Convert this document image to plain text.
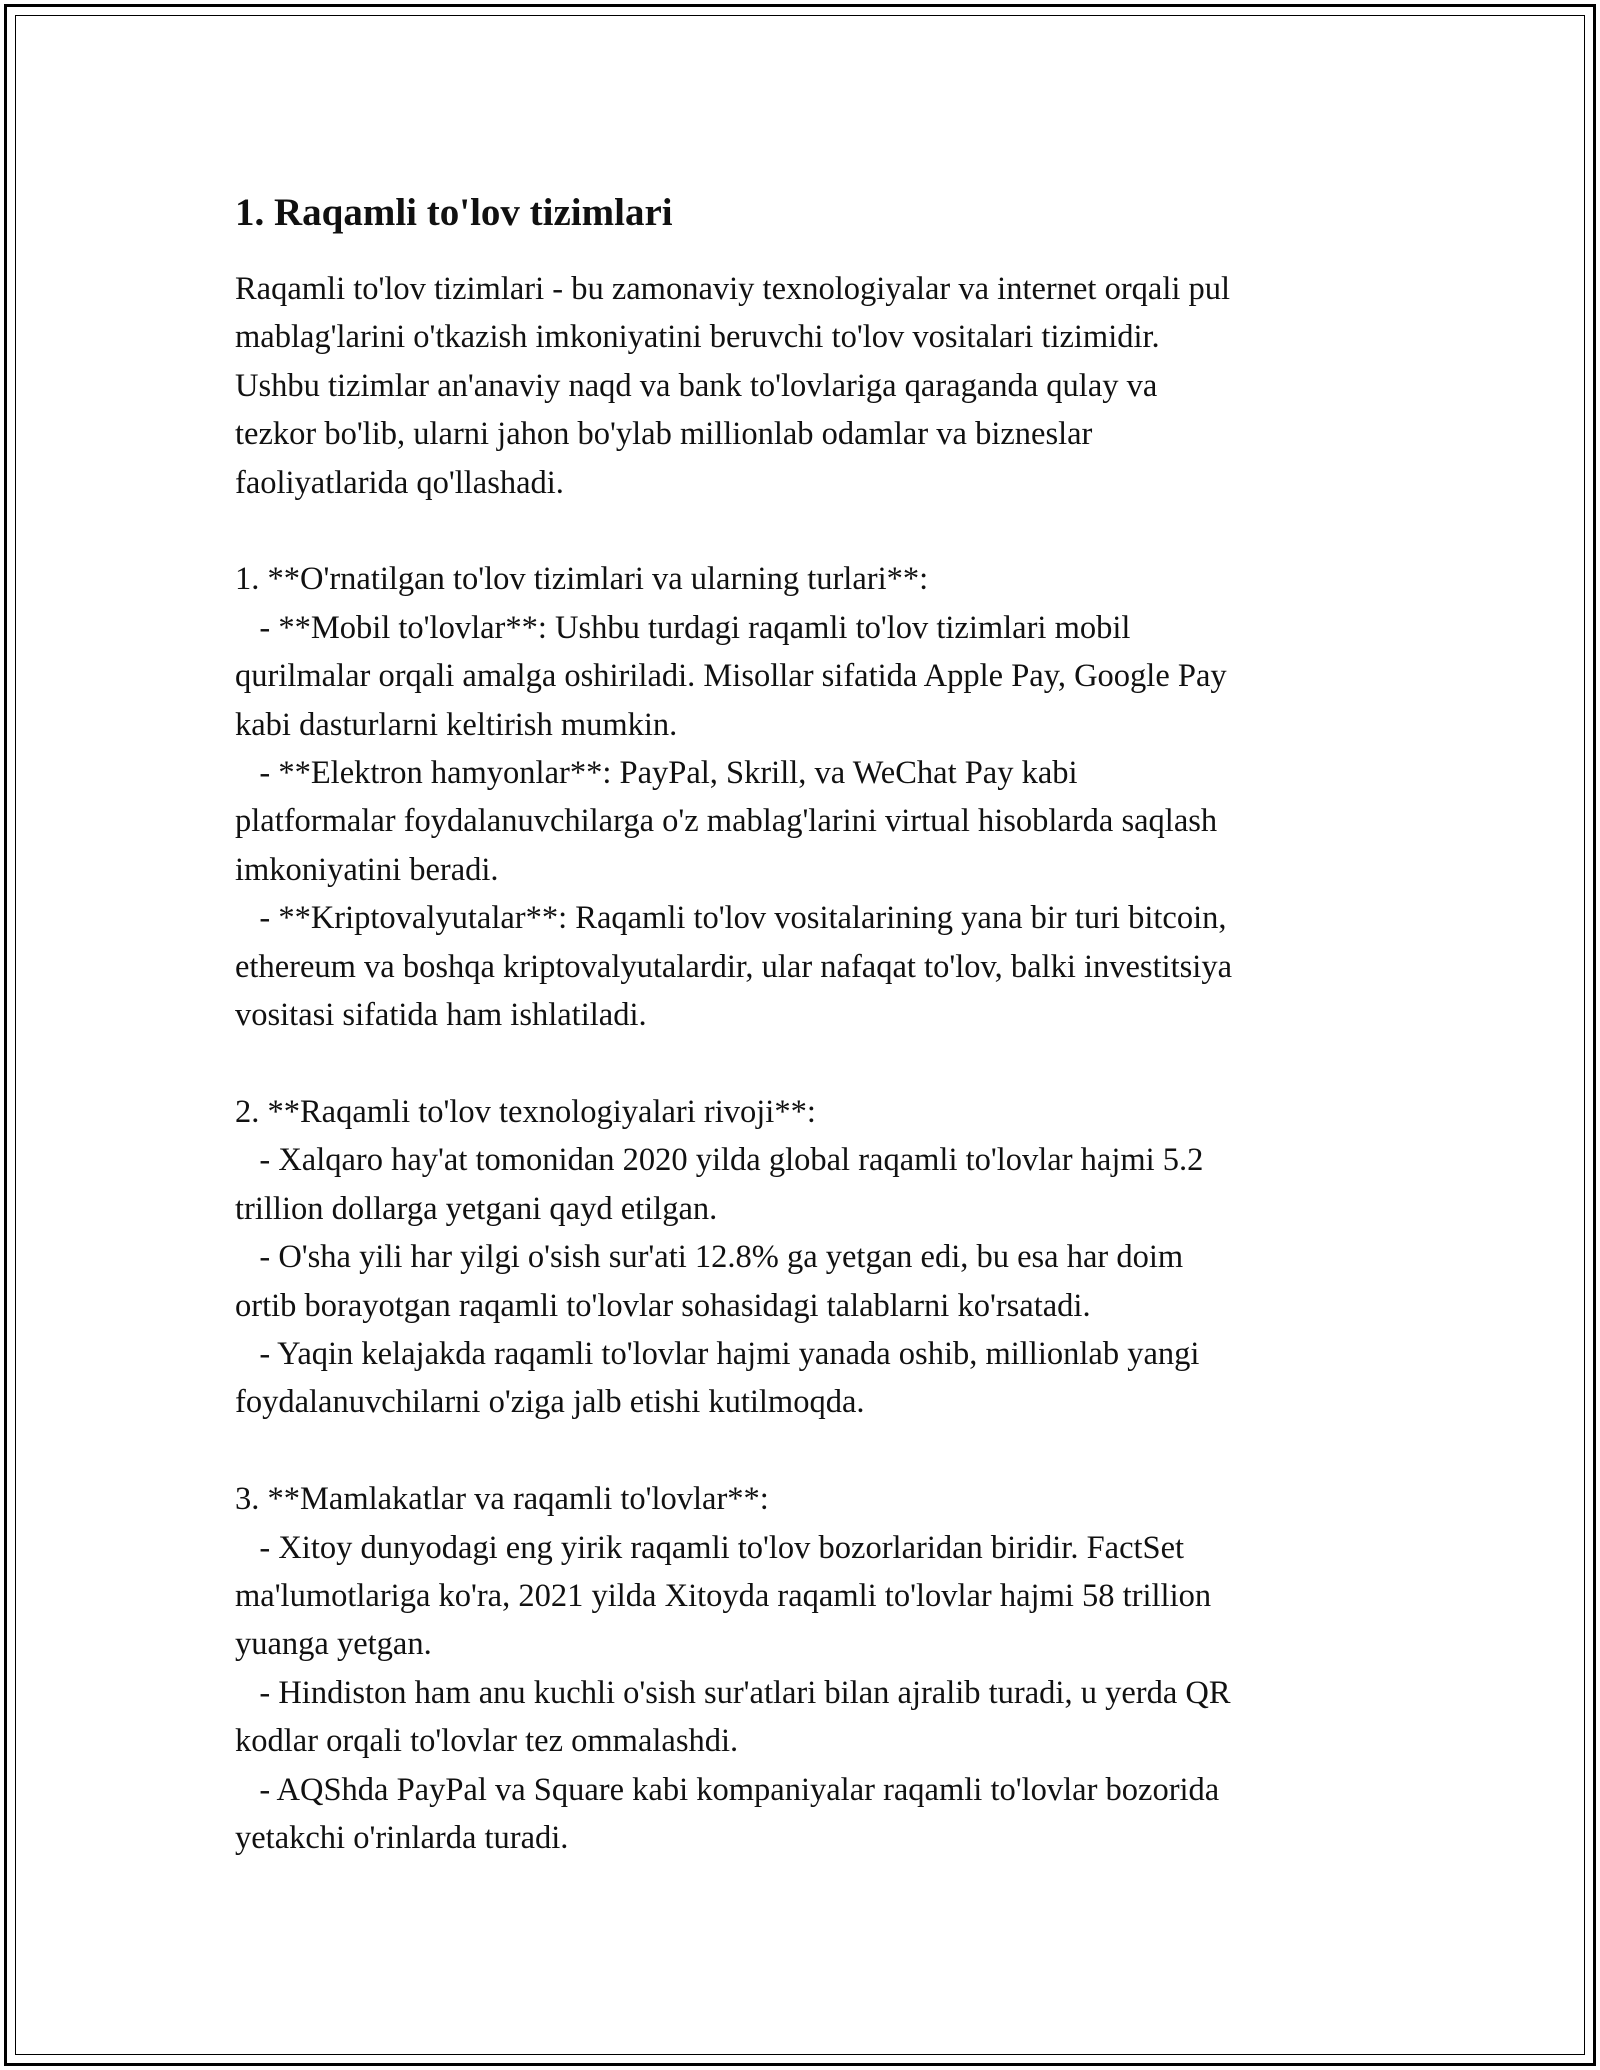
1. Raqamli to'lov tizimlari

Raqamli to'lov tizimlari - bu zamonaviy texnologiyalar va internet orqali pul
mablag'larini o'tkazish imkoniyatini beruvchi to'lov vositalari tizimidir.
Ushbu tizimlar an'anaviy naqd va bank to'lovlariga qaraganda qulay va
tezkor bo'lib, ularni jahon bo'ylab millionlab odamlar va bizneslar
faoliyatlarida qo'llashadi.

1. **O'rnatilgan to'lov tizimlari va ularning turlari**:

- **Mobil to'lovlar**: Ushbu turdagi raqamli to'lov tizimlari mobil
qurilmalar orqali amalga oshiriladi. Misollar sifatida Apple Pay, Google Pay
kabi dasturlarni keltirish mumkin.

- **Elektron hamyonlar**: PayPal, Skrill, va WeChat Pay kabi
platformalar foydalanuvchilarga o'z mablag'larini virtual hisoblarda saqlash
imkoniyatini beradi.

- **Kriptovalyutalar**: Raqamli to'lov vositalarining yana bir turi bitcoin,
ethereum va boshqa kriptovalyutalardir, ular nafaqat to'lov, balki investitsiya
vositasi sifatida ham ishlatiladi.

2. **Raqamli to'lov texnologiyalari rivoji**:

- Xalqaro hay'at tomonidan 2020 yilda global raqamli to'lovlar hajmi 5.2
trillion dollarga yetgani qayd etilgan.

- O'sha yili har yilgi o'sish sur'ati 12.8% ga yetgan edi, bu esa har doim
ortib borayotgan raqamli to'lovlar sohasidagi talablarni ko'rsatadi.

- Yaqin kelajakda raqamli to'lovlar hajmi yanada oshib, millionlab yangi
foydalanuvchilarni o'ziga jalb etishi kutilmoqda.

3. **Mamlakatlar va raqamli to'lovlar**:

- Xitoy dunyodagi eng yirik raqamli to'lov bozorlaridan biridir. FactSet
ma'lumotlariga ko'ra, 2021 yilda Xitoyda raqamli to'lovlar hajmi 58 trillion
yuanga yetgan.

- Hindiston ham anu kuchli o'sish sur'atlari bilan ajralib turadi, u yerda QR
kodlar orqali to'lovlar tez ommalashdi.

- AQShda PayPal va Square kabi kompaniyalar raqamli to'lovlar bozorida
yetakchi o'rinlarda turadi.
